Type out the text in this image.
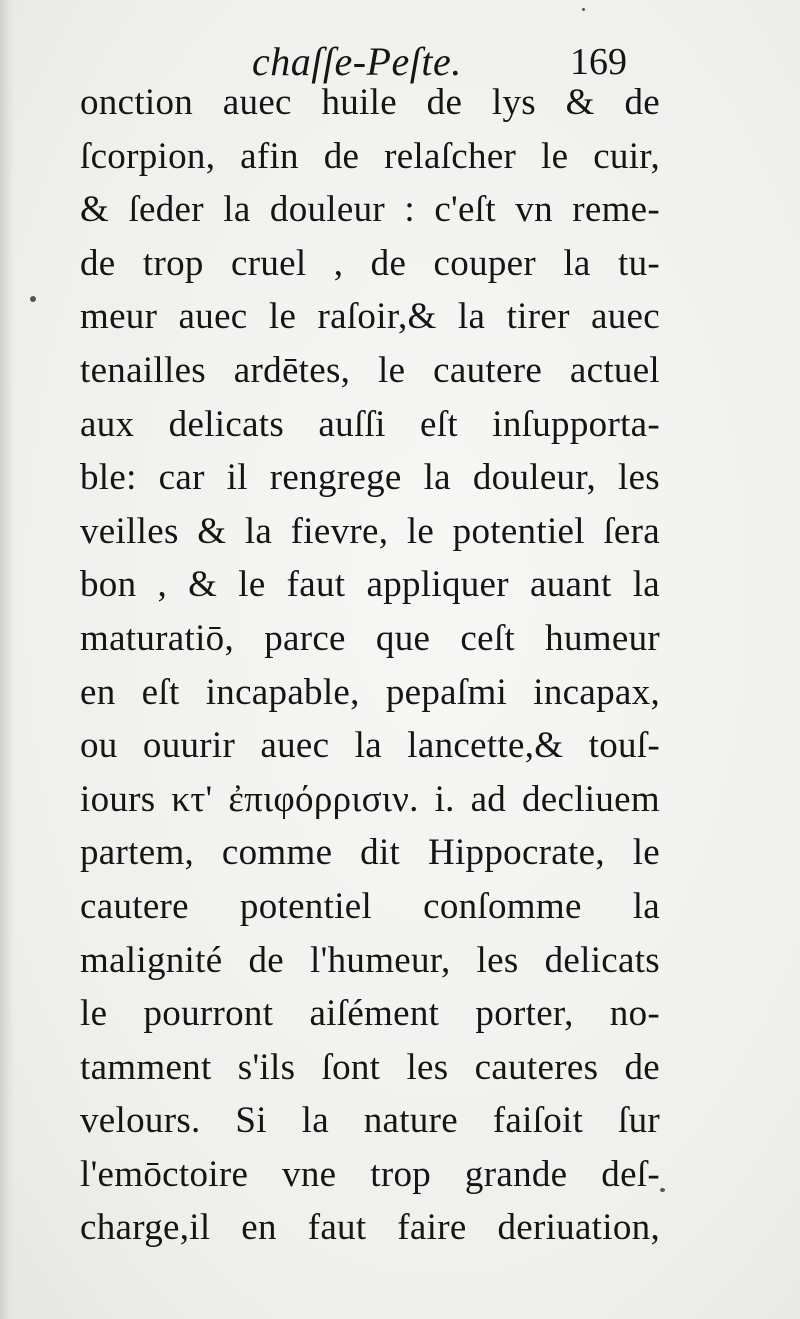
chaſſe-Peſte.	169
onction auec huile de lys & de
ſcorpion, afin de relaſcher le cuir,
& ſeder la douleur : c'eſt vn reme-
de trop cruel , de couper la tu-
meur auec le raſoir,& la tirer auec
tenailles ardētes, le cautere actuel
aux delicats auſſi eſt inſupporta-
ble: car il rengrege la douleur, les
veilles & la fievre, le potentiel ſera
bon , & le faut appliquer auant la
maturatiō, parce que ceſt humeur
en eſt incapable, pepaſmi incapax,
ou ouurir auec la lancette,& touſ-
iours κτ' ἐπιφόρρισιν. i. ad decliuem
partem, comme dit Hippocrate, le
cautere potentiel conſomme la
malignité de l'humeur, les delicats
le pourront aiſément porter, no-
tamment s'ils ſont les cauteres de
velours. Si la nature faiſoit ſur
l'emōctoire vne trop grande deſ-
charge,il en faut faire deriuation,
